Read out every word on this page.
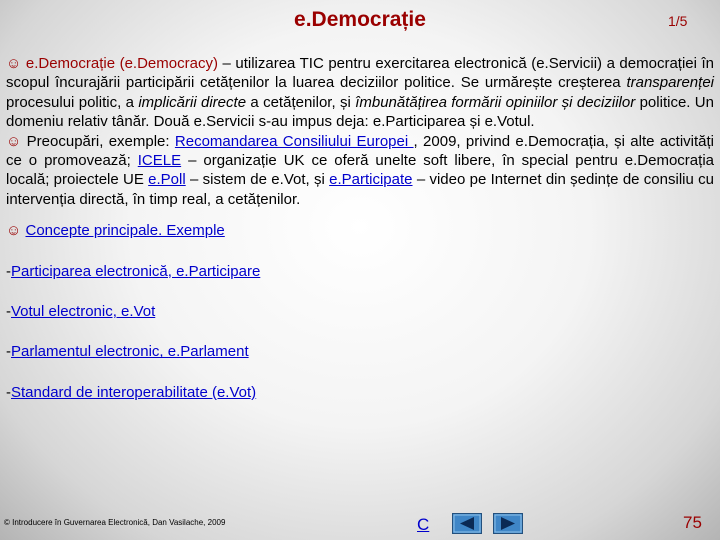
e.Democrație	1/5

☺ e.Democrație (e.Democracy) – utilizarea TIC pentru exercitarea electronică (e.Servicii) a democrației în scopul încurajării participării cetățenilor la luarea deciziilor politice. Se urmărește creșterea transparenței procesului politic, a implicării directe a cetățenilor, și îmbunătățirea formării opiniilor și deciziilor politice. Un domeniu relativ tânăr. Două e.Servicii s-au impus deja: e.Participarea și e.Votul.

☺ Preocupări, exemple: Recomandarea Consiliului Europei , 2009, privind e.Democrația, și alte activități ce o promovează; ICELE – organizație UK ce oferă unelte soft libere, în special pentru e.Democrația locală; proiectele UE e.Poll – sistem de e.Vot, și e.Participate – video pe Internet din ședințe de consiliu cu intervenția directă, în timp real, a cetățenilor.

☺ Concepte principale. Exemple

-Participarea electronică, e.Participare

-Votul electronic, e.Vot

-Parlamentul electronic, e.Parlament

-Standard de interoperabilitate (e.Vot)

© Introducere în Guvernarea Electronică, Dan Vasilache, 2009	C	75
